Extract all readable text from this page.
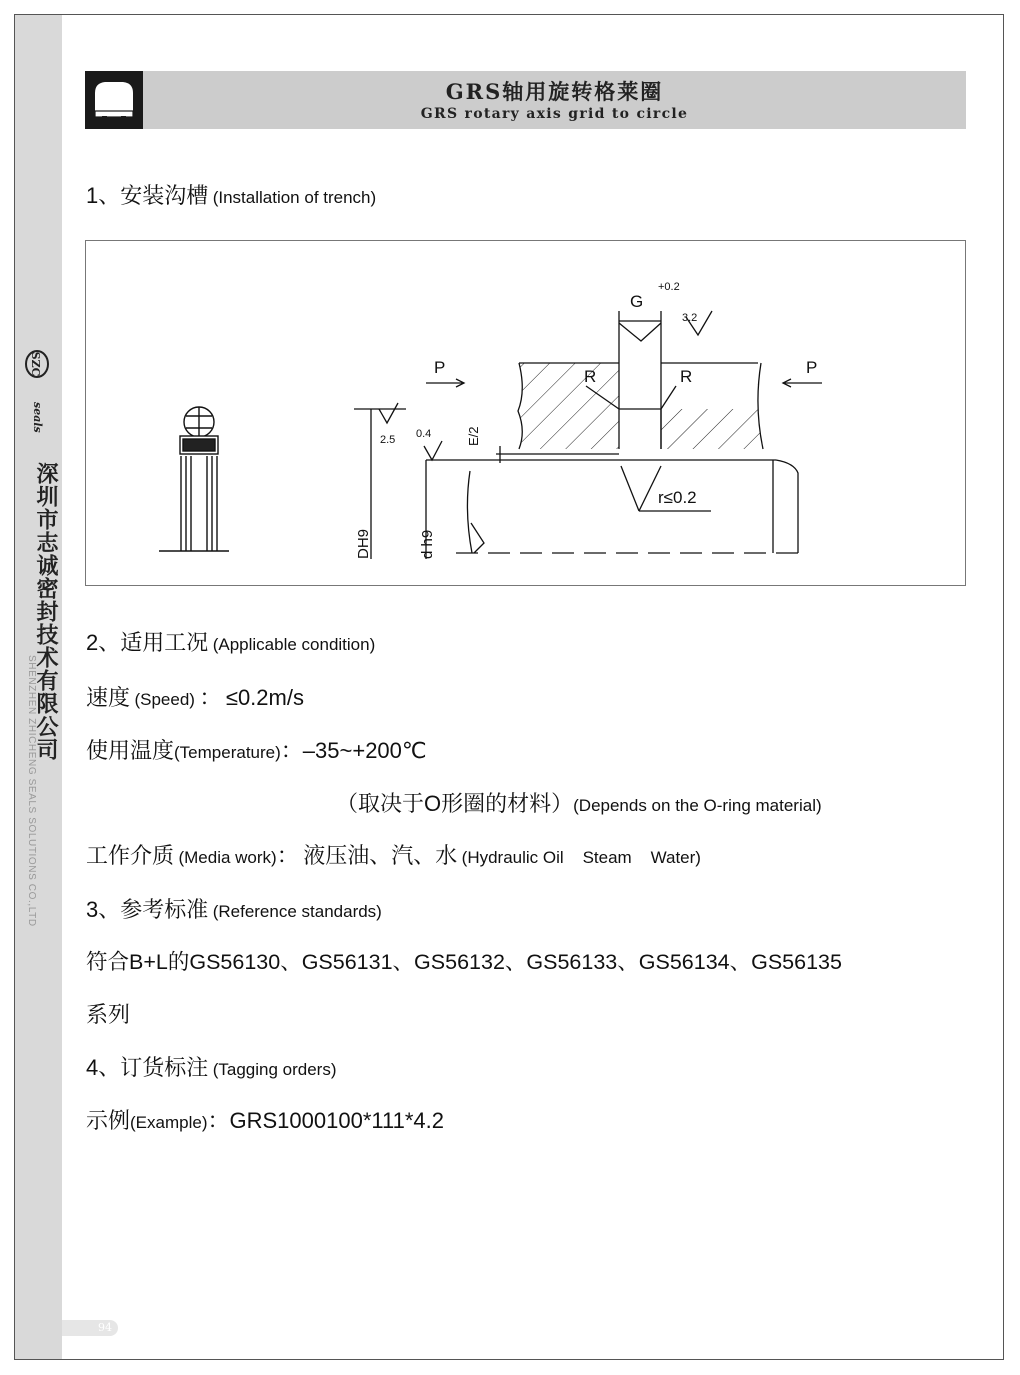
SZC
seals
深圳市志诚密封技术有限公司
SHENZHEN ZHICHENG SEALS SOLUTIONS CO.,LTD
94
GRS轴用旋转格莱圈
GRS rotary axis grid to circle
1、安装沟槽 (Installation of trench)
P	P
G
+0.2
3.2
R	R
2.5 0.4	E/2
r≤0.2
DH9	d h9
2、适用工况 (Applicable condition)
速度 (Speed) ： ≤0.2m/s
使用温度(Temperature)：–35~+200℃
（取决于O形圈的材料）(Depends on the O-ring material)
工作介质 (Media work)： 液压油、汽、水 (Hydraulic Oil    Steam    Water)
3、参考标准 (Reference standards)
符合B+L的GS56130、GS56131、GS56132、GS56133、GS56134、GS56135
系列
4、订货标注 (Tagging orders)
示例(Example)：GRS1000100*111*4.2
